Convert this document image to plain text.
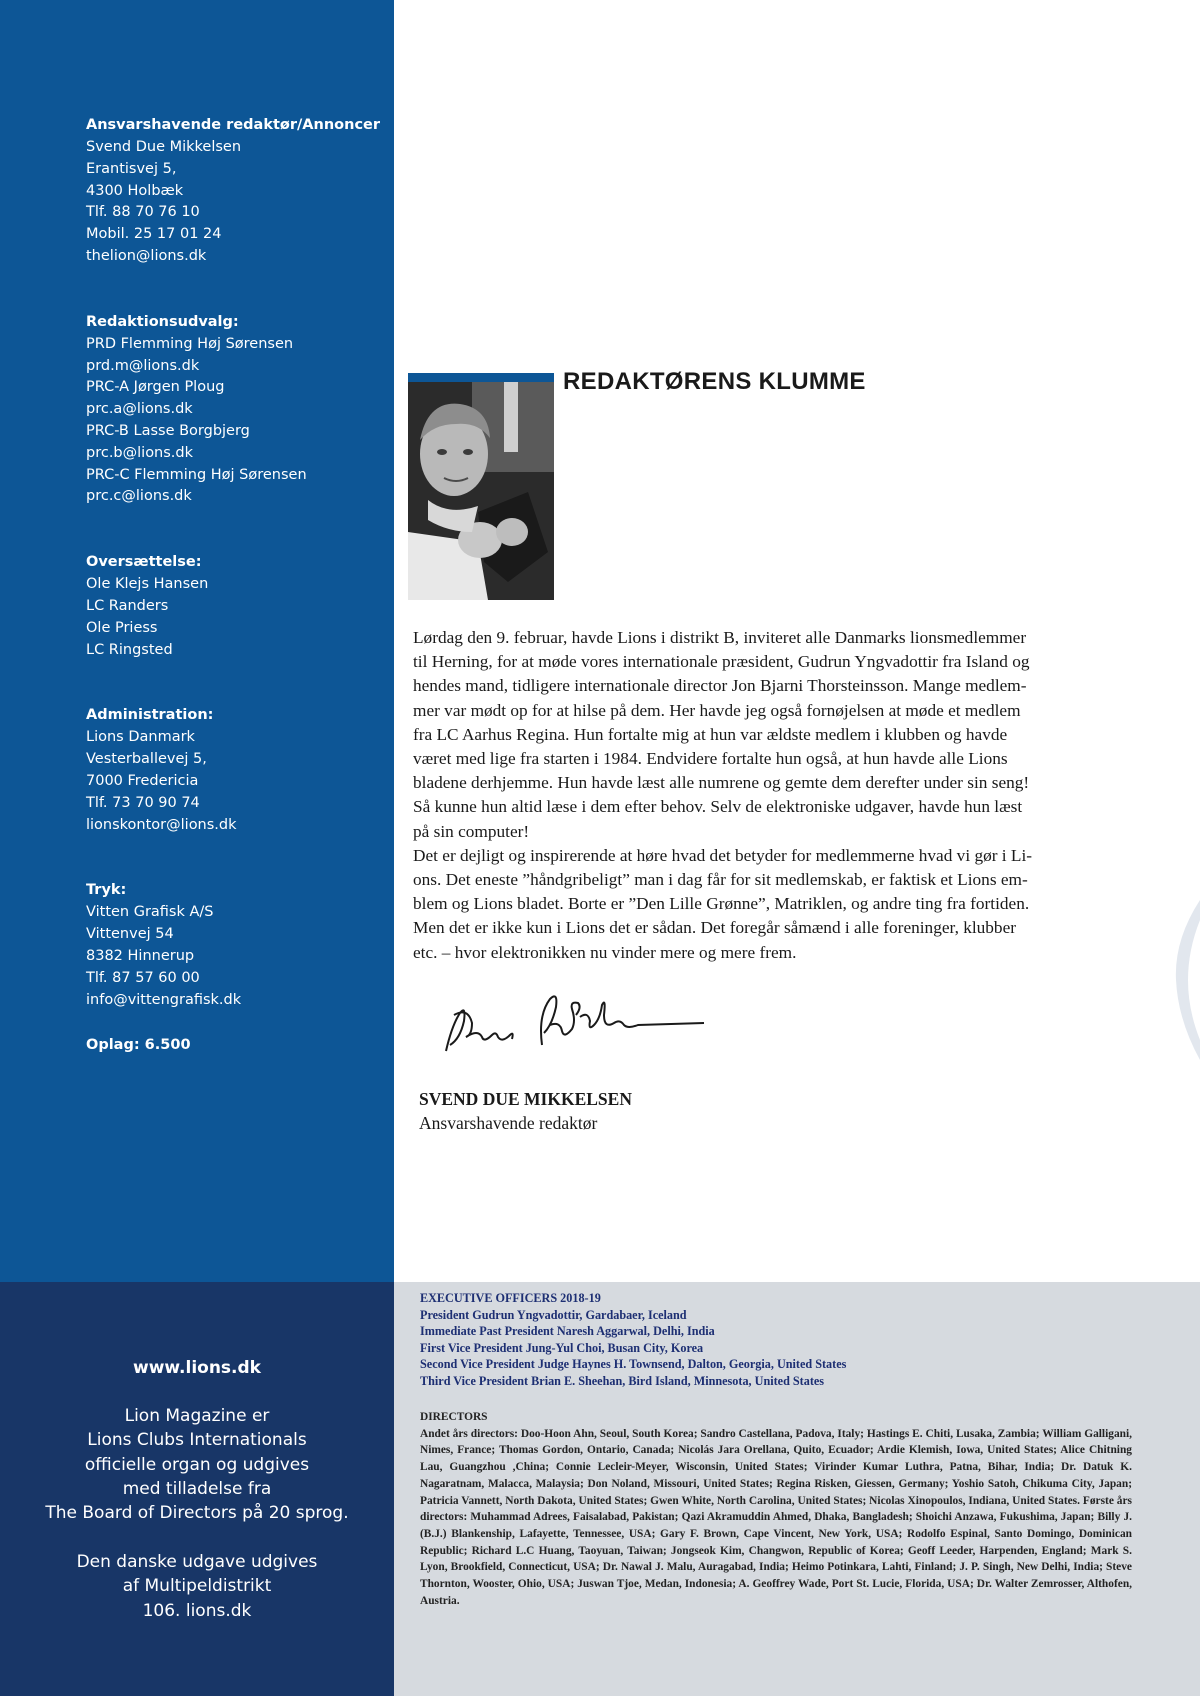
Ansvarshavende redaktør/Annoncer
Svend Due Mikkelsen
Erantisvej 5,
4300 Holbæk
Tlf. 88 70 76 10
Mobil. 25 17 01 24
thelion@lions.dk
Redaktionsudvalg:
PRD Flemming Høj Sørensen
prd.m@lions.dk
PRC-A Jørgen Ploug
prc.a@lions.dk
PRC-B Lasse Borgbjerg
prc.b@lions.dk
PRC-C Flemming Høj Sørensen
prc.c@lions.dk
Oversættelse:
Ole Klejs Hansen
LC Randers
Ole Priess
LC Ringsted
Administration:
Lions Danmark
Vesterballevej 5,
7000 Fredericia
Tlf. 73 70 90 74
lionskontor@lions.dk
Tryk:
Vitten Grafisk A/S
Vittenvej 54
8382 Hinnerup
Tlf. 87 57 60 00
info@vittengrafisk.dk
Oplag: 6.500
www.lions.dk
Lion Magazine er
Lions Clubs Internationals
officielle organ og udgives
med tilladelse fra
The Board of Directors på 20 sprog.
Den danske udgave udgives
af Multipeldistrikt
106. lions.dk
EXECUTIVE OFFICERS 2018-19
President Gudrun Yngvadottir, Gardabaer, Iceland
Immediate Past President Naresh Aggarwal, Delhi, India
First Vice President Jung-Yul Choi, Busan City, Korea
Second Vice President Judge Haynes H. Townsend, Dalton, Georgia, United States
Third Vice President Brian E. Sheehan, Bird Island, Minnesota, United States
DIRECTORS
Andet års directors: Doo-Hoon Ahn, Seoul, South Korea; Sandro Castellana, Padova, Italy; Hastings E. Chiti, Lusaka, Zambia; William Galligani, Nimes, France; Thomas Gordon, Ontario, Canada; Nicolás Jara Orellana, Quito, Ecuador; Ardie Klemish, Iowa, United States; Alice Chitning Lau, Guangzhou ,China; Connie Lecleir-Meyer, Wisconsin, United States; Virinder Kumar Luthra, Patna, Bihar, India; Dr. Datuk K. Nagaratnam, Malacca, Malaysia; Don Noland, Missouri, United States; Regina Risken, Giessen, Germany; Yoshio Satoh, Chikuma City, Japan; Patricia Vannett, North Dakota, United States; Gwen White, North Carolina, United States; Nicolas Xinopoulos, Indiana, United States. Første års directors: Muhammad Adrees, Faisalabad, Pakistan; Qazi Akramuddin Ahmed, Dhaka, Bangladesh; Shoichi Anzawa, Fukushima, Japan; Billy J. (B.J.) Blankenship, Lafayette, Tennessee, USA; Gary F. Brown, Cape Vincent, New York, USA; Rodolfo Espinal, Santo Domingo, Dominican Republic; Richard L.C Huang, Taoyuan, Taiwan; Jongseok Kim, Changwon, Republic of Korea; Geoff Leeder, Harpenden, England; Mark S. Lyon, Brookfield, Connecticut, USA; Dr. Nawal J. Malu, Auragabad, India; Heimo Potinkara, Lahti, Finland; J. P. Singh, New Delhi, India; Steve Thornton, Wooster, Ohio, USA; Juswan Tjoe, Medan, Indonesia; A. Geoffrey Wade, Port St. Lucie, Florida, USA; Dr. Walter Zemrosser, Althofen, Austria.
REDAKTØRENS KLUMME

Lørdag den 9. februar, havde Lions i distrikt B, inviteret alle Danmarks lionsmedlemmer
til Herning, for at møde vores internationale præsident, Gudrun Yngvadottir fra Island og
hendes mand, tidligere internationale director Jon Bjarni Thorsteinsson. Mange medlem-
mer var mødt op for at hilse på dem. Her havde jeg også fornøjelsen at møde et medlem
fra LC Aarhus Regina. Hun fortalte mig at hun var ældste medlem i klubben og havde
været med lige fra starten i 1984. Endvidere fortalte hun også, at hun havde alle Lions
bladene derhjemme. Hun havde læst alle numrene og gemte dem derefter under sin seng!
Så kunne hun altid læse i dem efter behov. Selv de elektroniske udgaver, havde hun læst
på sin computer!

Det er dejligt og inspirerende at høre hvad det betyder for medlemmerne hvad vi gør i Li-
ons. Det eneste ”håndgribeligt” man i dag får for sit medlemskab, er faktisk et Lions em-
blem og Lions bladet. Borte er ”Den Lille Grønne”, Matriklen, og andre ting fra fortiden.
Men det er ikke kun i Lions det er sådan. Det foregår såmænd i alle foreninger, klubber
etc. – hvor elektronikken nu vinder mere og mere frem.

SVEND DUE MIKKELSEN
Ansvarshavende redaktør
